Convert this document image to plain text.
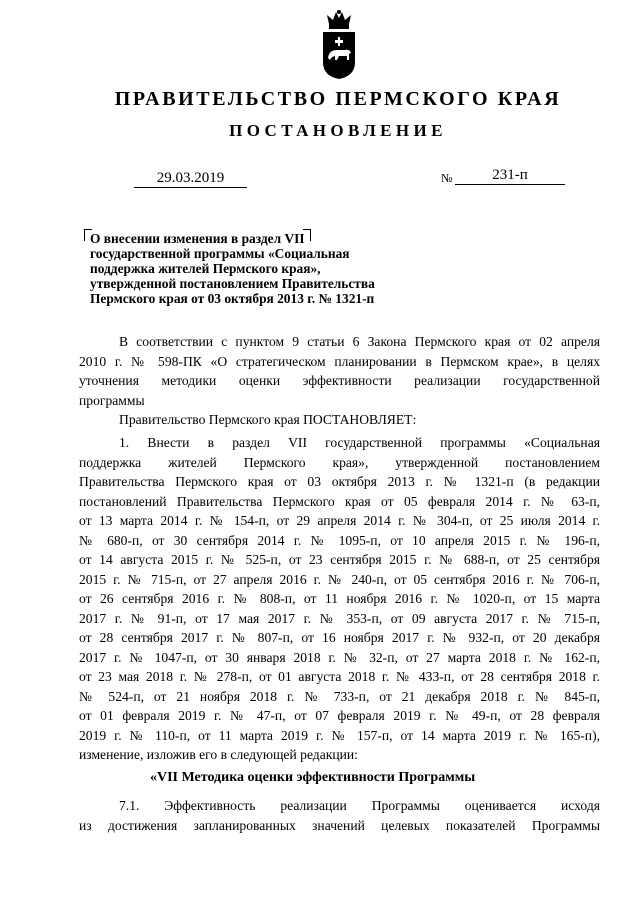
ПРАВИТЕЛЬСТВО ПЕРМСКОГО КРАЯ
ПОСТАНОВЛЕНИЕ
29.03.2019	№	231-п
О внесении изменения в раздел VII
государственной программы «Социальная
поддержка жителей Пермского края»,
утвержденной постановлением Правительства
Пермского края от 03 октября 2013 г. № 1321-п
В соответствии с пунктом 9 статьи 6 Закона Пермского края от 02 апреля
2010 г. № 598-ПК «О стратегическом планировании в Пермском крае», в целях
уточнения методики оценки эффективности реализации государственной
программы
Правительство Пермского края ПОСТАНОВЛЯЕТ:
1. Внести в раздел VII государственной программы «Социальная
поддержка жителей Пермского края», утвержденной постановлением
Правительства Пермского края от 03 октября 2013 г. № 1321-п (в редакции
постановлений Правительства Пермского края от 05 февраля 2014 г. № 63-п,
от 13 марта 2014 г. № 154-п, от 29 апреля 2014 г. № 304-п, от 25 июля 2014 г.
№ 680-п, от 30 сентября 2014 г. № 1095-п, от 10 апреля 2015 г. № 196-п,
от 14 августа 2015 г. № 525-п, от 23 сентября 2015 г. № 688-п, от 25 сентября
2015 г. № 715-п, от 27 апреля 2016 г. № 240-п, от 05 сентября 2016 г. № 706-п,
от 26 сентября 2016 г. № 808-п, от 11 ноября 2016 г. № 1020-п, от 15 марта
2017 г. № 91-п, от 17 мая 2017 г. № 353-п, от 09 августа 2017 г. № 715-п,
от 28 сентября 2017 г. № 807-п, от 16 ноября 2017 г. № 932-п, от 20 декабря
2017 г. № 1047-п, от 30 января 2018 г. № 32-п, от 27 марта 2018 г. № 162-п,
от 23 мая 2018 г. № 278-п, от 01 августа 2018 г. № 433-п, от 28 сентября 2018 г.
№ 524-п, от 21 ноября 2018 г. № 733-п, от 21 декабря 2018 г. № 845-п,
от 01 февраля 2019 г. № 47-п, от 07 февраля 2019 г. № 49-п, от 28 февраля
2019 г. № 110-п, от 11 марта 2019 г. № 157-п, от 14 марта 2019 г. № 165-п),
изменение, изложив его в следующей редакции:
«VII Методика оценки эффективности Программы
7.1. Эффективность реализации Программы оценивается исходя
из достижения запланированных значений целевых показателей Программы
